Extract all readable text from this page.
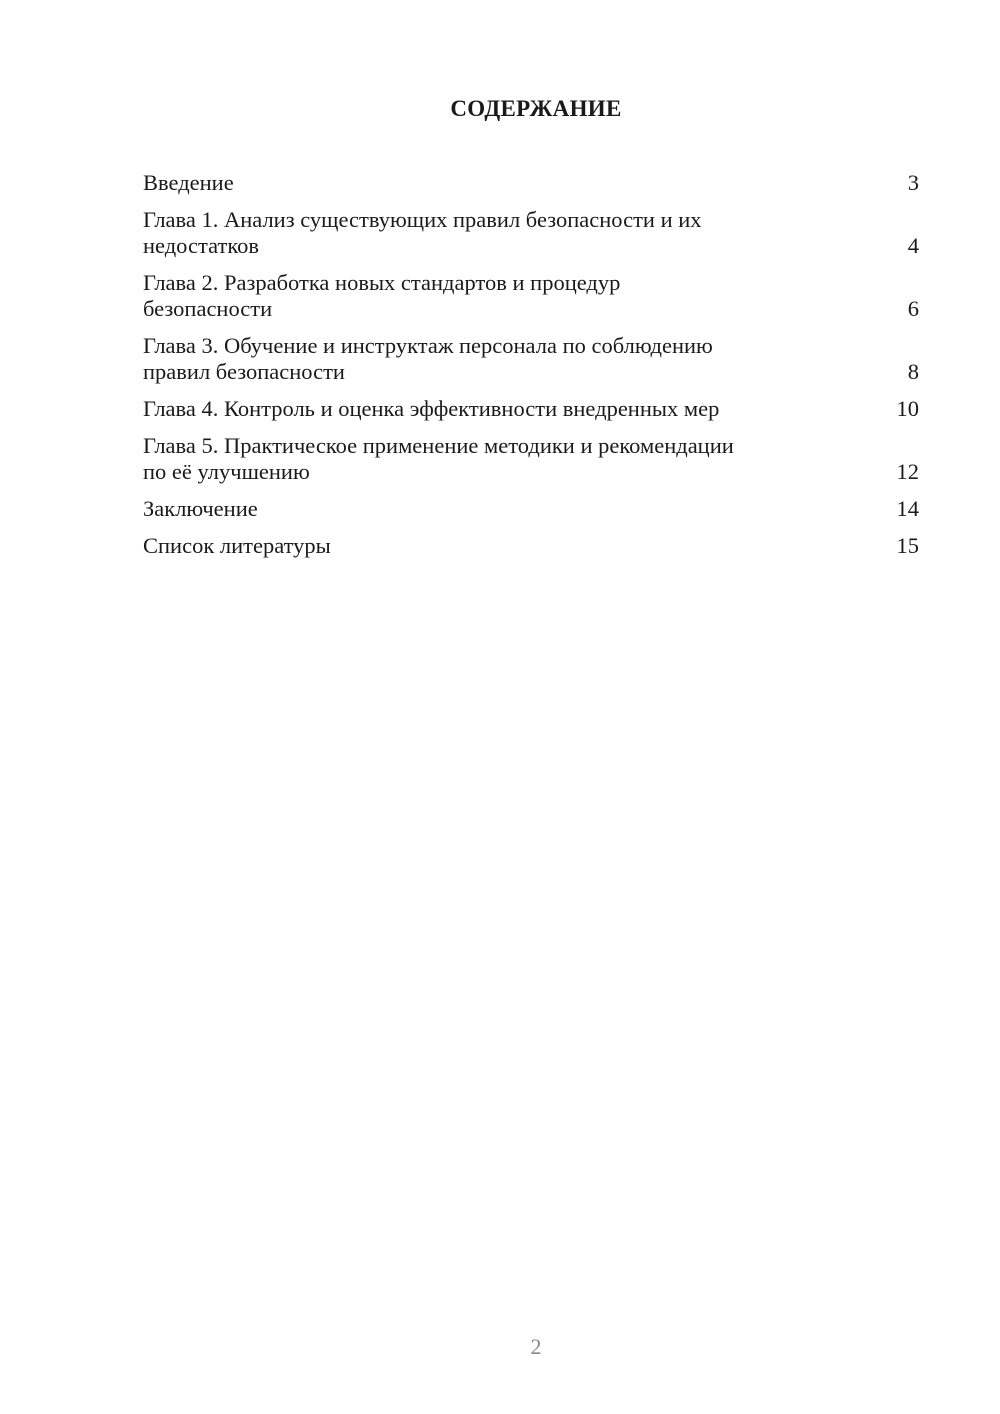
СОДЕРЖАНИЕ
Введение	3
Глава 1. Анализ существующих правил безопасности и их
недостатков	4
Глава 2. Разработка новых стандартов и процедур
безопасности	6
Глава 3. Обучение и инструктаж персонала по соблюдению
правил безопасности	8
Глава 4. Контроль и оценка эффективности внедренных мер	10
Глава 5. Практическое применение методики и рекомендации
по её улучшению	12
Заключение	14
Список литературы	15
2
